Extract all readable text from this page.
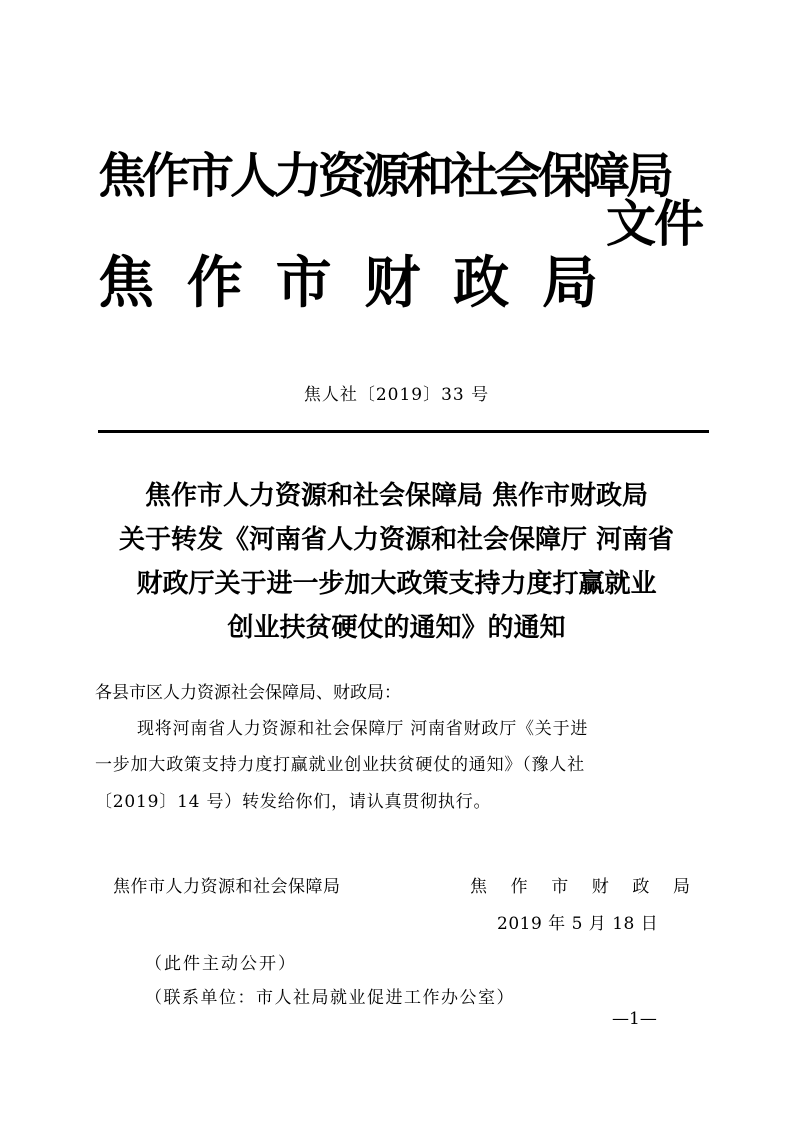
焦作市人力资源和社会保障局
焦 作 市 财 政 局
文件
焦人社〔2019〕33 号
焦作市人力资源和社会保障局 焦作市财政局
关于转发《河南省人力资源和社会保障厅 河南省
财政厅关于进一步加大政策支持力度打赢就业
创业扶贫硬仗的通知》的通知
各县市区人力资源社会保障局、财政局：
现将河南省人力资源和社会保障厅 河南省财政厅《关于进
一步加大政策支持力度打赢就业创业扶贫硬仗的通知》（豫人社
〔2019〕14 号）转发给你们，请认真贯彻执行。
焦作市人力资源和社会保障局	焦 作 市 财 政 局
2019 年 5 月 18 日
（此件主动公开）
（联系单位：市人社局就业促进工作办公室）
—1—
